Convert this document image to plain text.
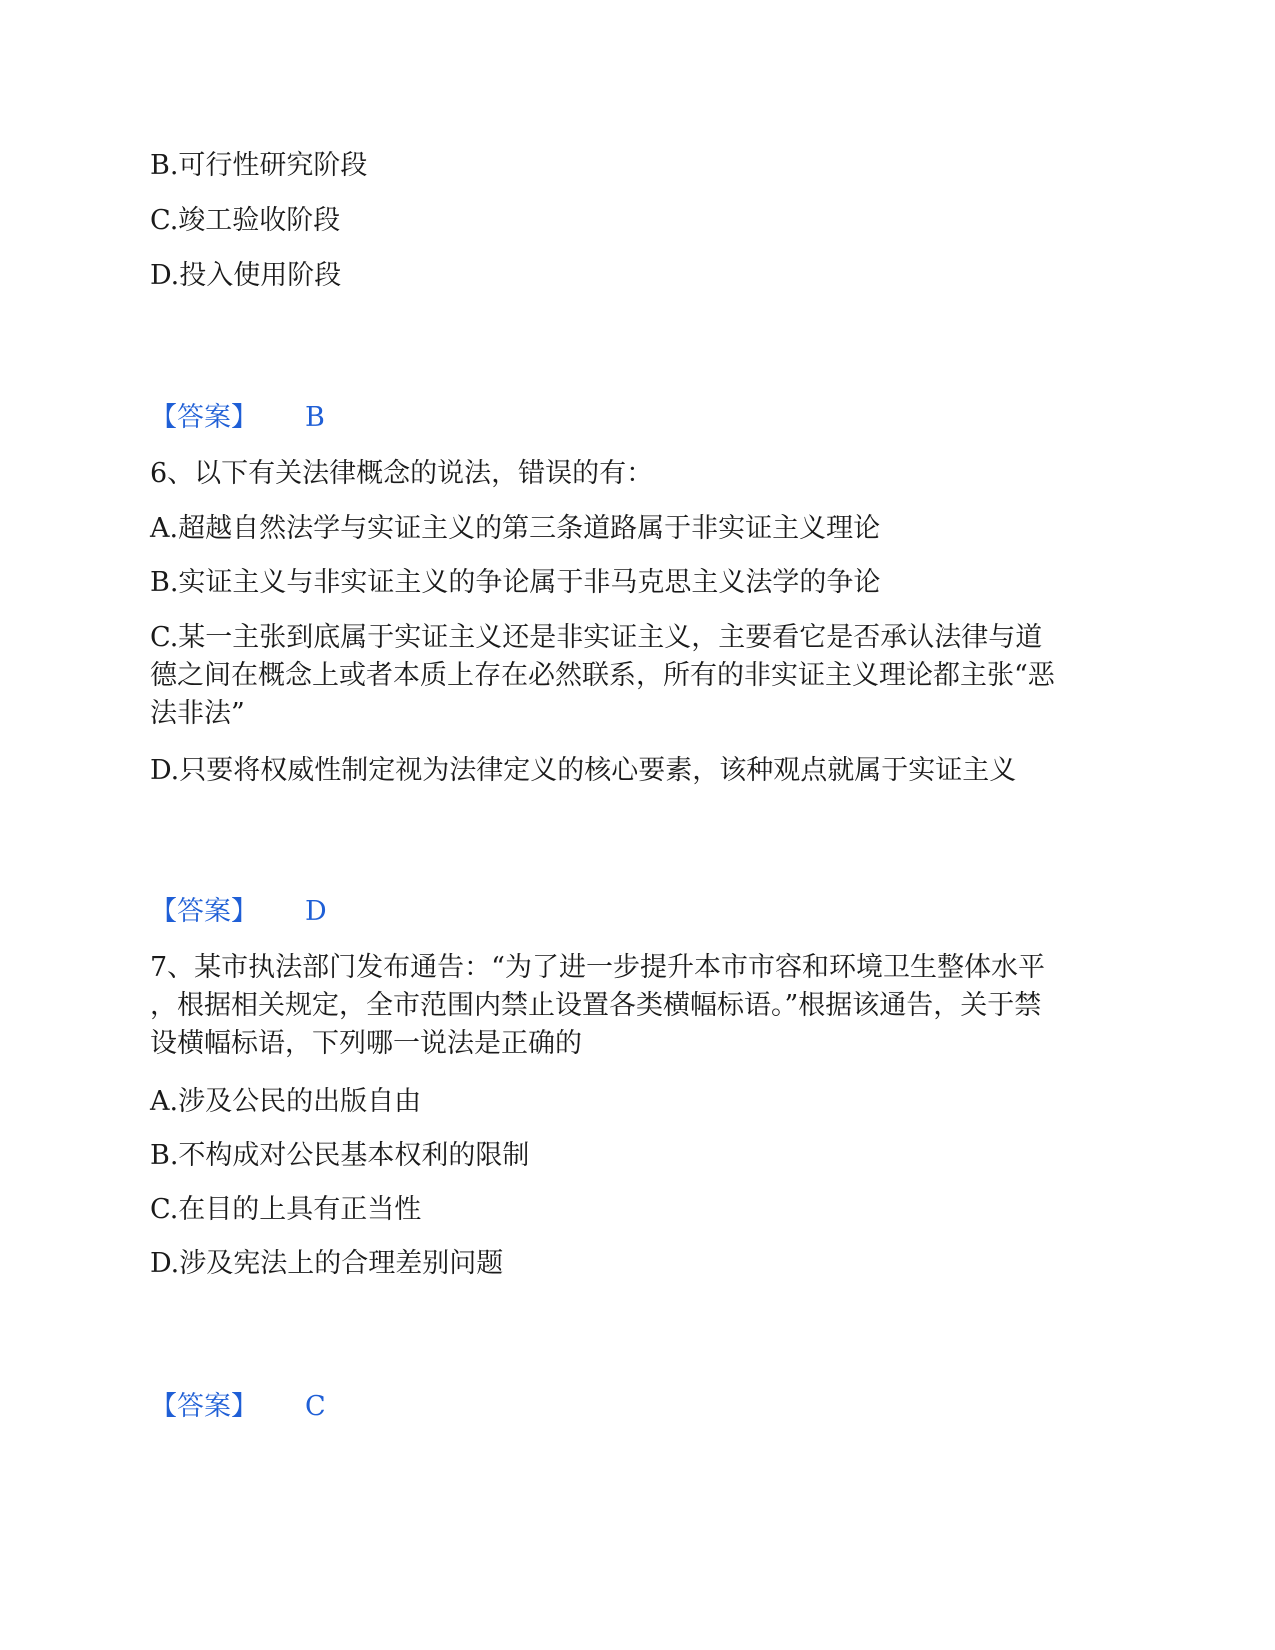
B.可行性研究阶段

C.竣工验收阶段

D.投入使用阶段

【答案】 B

6、以下有关法律概念的说法，错误的有：

A.超越自然法学与实证主义的第三条道路属于非实证主义理论

B.实证主义与非实证主义的争论属于非马克思主义法学的争论

C.某一主张到底属于实证主义还是非实证主义，主要看它是否承认法律与道
德之间在概念上或者本质上存在必然联系，所有的非实证主义理论都主张“恶
法非法”

D.只要将权威性制定视为法律定义的核心要素，该种观点就属于实证主义

【答案】 D
7、某市执法部门发布通告：“为了进一步提升本市市容和环境卫生整体水平
，根据相关规定，全市范围内禁止设置各类横幅标语。”根据该通告，关于禁
设横幅标语，下列哪一说法是正确的

A.涉及公民的出版自由

B.不构成对公民基本权利的限制

C.在目的上具有正当性

D.涉及宪法上的合理差别问题

【答案】 C
